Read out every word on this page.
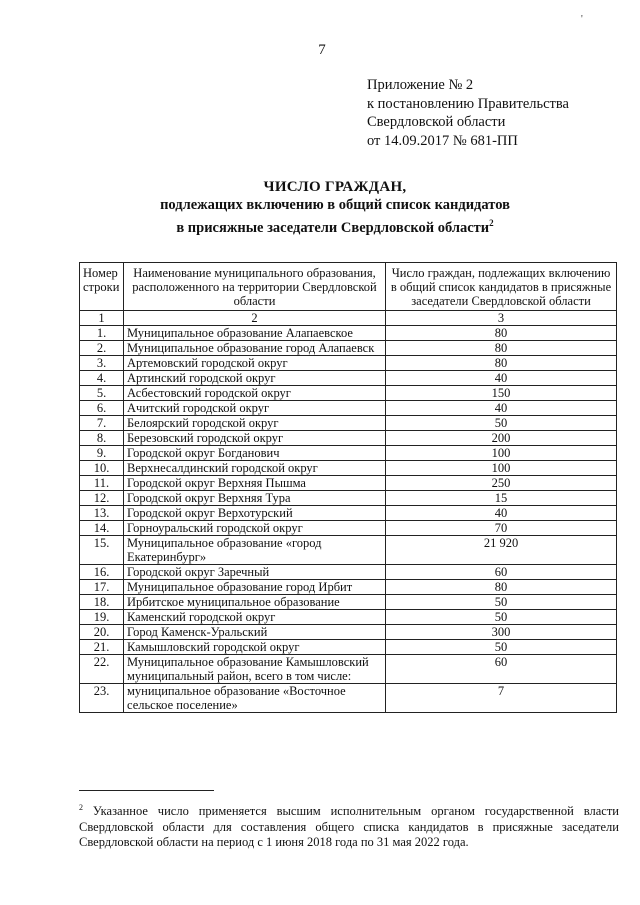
'
7
Приложение № 2
к постановлению Правительства
Свердловской области
от 14.09.2017 № 681-ПП
ЧИСЛО ГРАЖДАН,
подлежащих включению в общий список кандидатов
в присяжные заседатели Свердловской области$^2$
Номер строки	Наименование муниципального образования, расположенного на территории Свердловской области	Число граждан, подлежащих включению в общий список кандидатов в присяжные заседатели Свердловской области
1	2	3
1.	Муниципальное образование Алапаевское	80
2.	Муниципальное образование город Алапаевск	80
3.	Артемовский городской округ	80
4.	Артинский городской округ	40
5.	Асбестовский городской округ	150
6.	Ачитский городской округ	40
7.	Белоярский городской округ	50
8.	Березовский городской округ	200
9.	Городской округ Богданович	100
10.	Верхнесалдинский городской округ	100
11.	Городской округ Верхняя Пышма	250
12.	Городской округ Верхняя Тура	15
13.	Городской округ Верхотурский	40
14.	Горноуральский городской округ	70
15.	Муниципальное образование «город Екатеринбург»	21 920
16.	Городской округ Заречный	60
17.	Муниципальное образование город Ирбит	80
18.	Ирбитское муниципальное образование	50
19.	Каменский городской округ	50
20.	Город Каменск-Уральский	300
21.	Камышловский городской округ	50
22.	Муниципальное образование Камышловский муниципальный район, всего в том числе:	60
23.	муниципальное образование «Восточное сельское поселение»	7
$^2$ Указанное число применяется высшим исполнительным органом государственной власти Свердловской области для составления общего списка кандидатов в присяжные заседатели Свердловской области на период с 1 июня 2018 года по 31 мая 2022 года.
